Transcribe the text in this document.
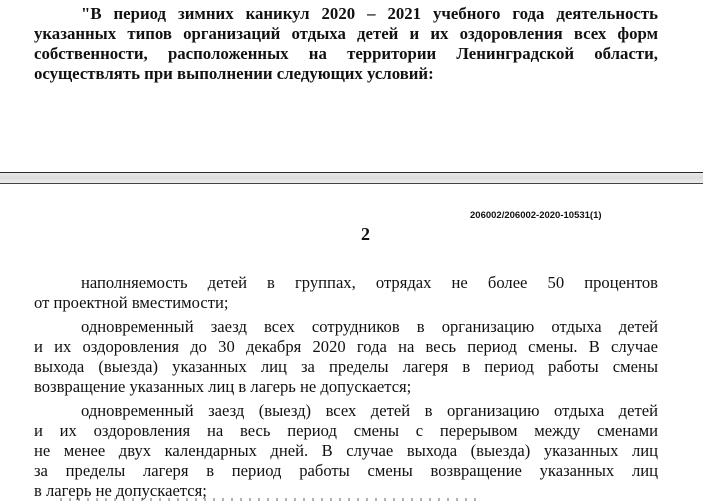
"В период зимних каникул 2020 – 2021 учебного года деятельность
указанных типов организаций отдыха детей и их оздоровления всех форм
собственности, расположенных на территории Ленинградской области,
осуществлять при выполнении следующих условий:

206002/206002-2020-10531(1)
2

наполняемость детей в группах, отрядах не более 50 процентов
от проектной вместимости;

одновременный заезд всех сотрудников в организацию отдыха детей
и их оздоровления до 30 декабря 2020 года на весь период смены. В случае
выхода (выезда) указанных лиц за пределы лагеря в период работы смены
возвращение указанных лиц в лагерь не допускается;

одновременный заезд (выезд) всех детей в организацию отдыха детей
и их оздоровления на весь период смены с перерывом между сменами
не менее двух календарных дней. В случае выхода (выезда) указанных лиц
за пределы лагеря в период работы смены возвращение указанных лиц
в лагерь не допускается;
